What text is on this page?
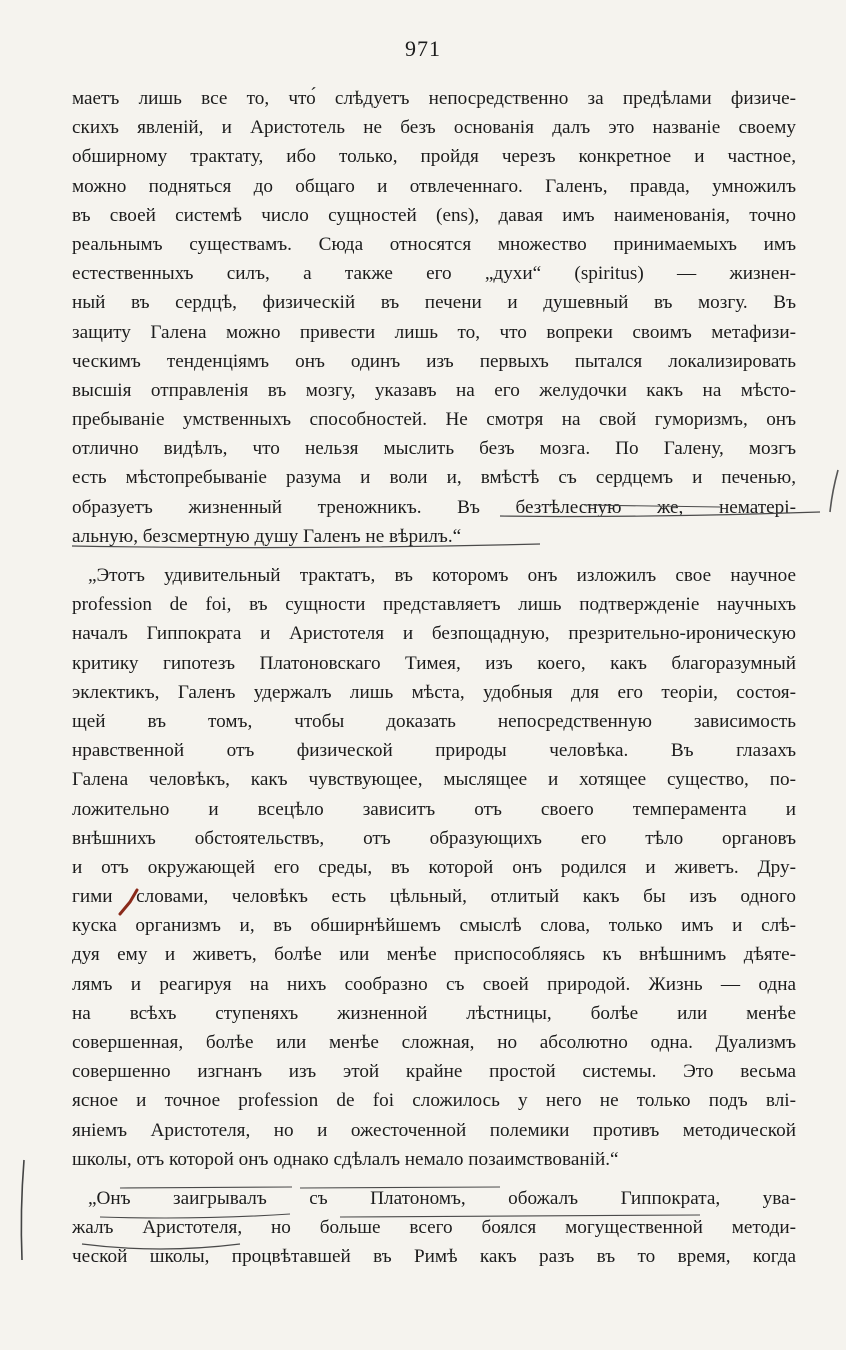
971
маетъ лишь все то, что́ слѣдуетъ непосредственно за предѣлами физиче-
скихъ явленій, и Аристотель не безъ основанія далъ это названіе своему
обширному трактату, ибо только, пройдя черезъ конкретное и частное,
можно подняться до общаго и отвлеченнаго. Галенъ, правда, умножилъ
въ своей системѣ число сущностей (ens), давая имъ наименованія, точно
реальнымъ существамъ. Сюда относятся множество принимаемыхъ имъ
естественныхъ силъ, а также его „духи“ (spiritus) — жизнен-
ный въ сердцѣ, физическій въ печени и душевный въ мозгу. Въ
защиту Галена можно привести лишь то, что вопреки своимъ метафизи-
ческимъ тенденціямъ онъ одинъ изъ первыхъ пытался локализировать
высшія отправленія въ мозгу, указавъ на его желудочки какъ на мѣсто-
пребываніе умственныхъ способностей. Не смотря на свой гуморизмъ, онъ
отлично видѣлъ, что нельзя мыслить безъ мозга. По Галену, мозгъ
есть мѣстопребываніе разума и воли и, вмѣстѣ съ сердцемъ и печенью,
образуетъ жизненный треножникъ. Въ безтѣлесную же, нематері-
альную, безсмертную душу Галенъ не вѣрилъ.“
„Этотъ удивительный трактатъ, въ которомъ онъ изложилъ свое научное
profession de foi, въ сущности представляетъ лишь подтвержденіе научныхъ
началъ Гиппократа и Аристотеля и безпощадную, презрительно-ироническую
критику гипотезъ Платоновскаго Тимея, изъ коего, какъ благоразумный
эклектикъ, Галенъ удержалъ лишь мѣста, удобныя для его теоріи, состоя-
щей въ томъ, чтобы доказать непосредственную зависимость
нравственной отъ физической природы человѣка. Въ глазахъ
Галена человѣкъ, какъ чувствующее, мыслящее и хотящее существо, по-
ложительно и всецѣло зависитъ отъ своего темперамента и
внѣшнихъ обстоятельствъ, отъ образующихъ его тѣло органовъ
и отъ окружающей его среды, въ которой онъ родился и живетъ. Дру-
гими словами, человѣкъ есть цѣльный, отлитый какъ бы изъ одного
куска организмъ и, въ обширнѣйшемъ смыслѣ слова, только имъ и слѣ-
дуя ему и живетъ, болѣе или менѣе приспособляясь къ внѣшнимъ дѣяте-
лямъ и реагируя на нихъ сообразно съ своей природой. Жизнь — одна
на всѣхъ ступеняхъ жизненной лѣстницы, болѣе или менѣе
совершенная, болѣе или менѣе сложная, но абсолютно одна. Дуализмъ
совершенно изгнанъ изъ этой крайне простой системы. Это весьма
ясное и точное profession de foi сложилось у него не только подъ влі-
яніемъ Аристотеля, но и ожесточенной полемики противъ методической
школы, отъ которой онъ однако сдѣлалъ немало позаимствованій.“
„Онъ заигрывалъ съ Платономъ, обожалъ Гиппократа, ува-
жалъ Аристотеля, но больше всего боялся могущественной методи-
ческой школы, процвѣтавшей въ Римѣ какъ разъ въ то время, когда
